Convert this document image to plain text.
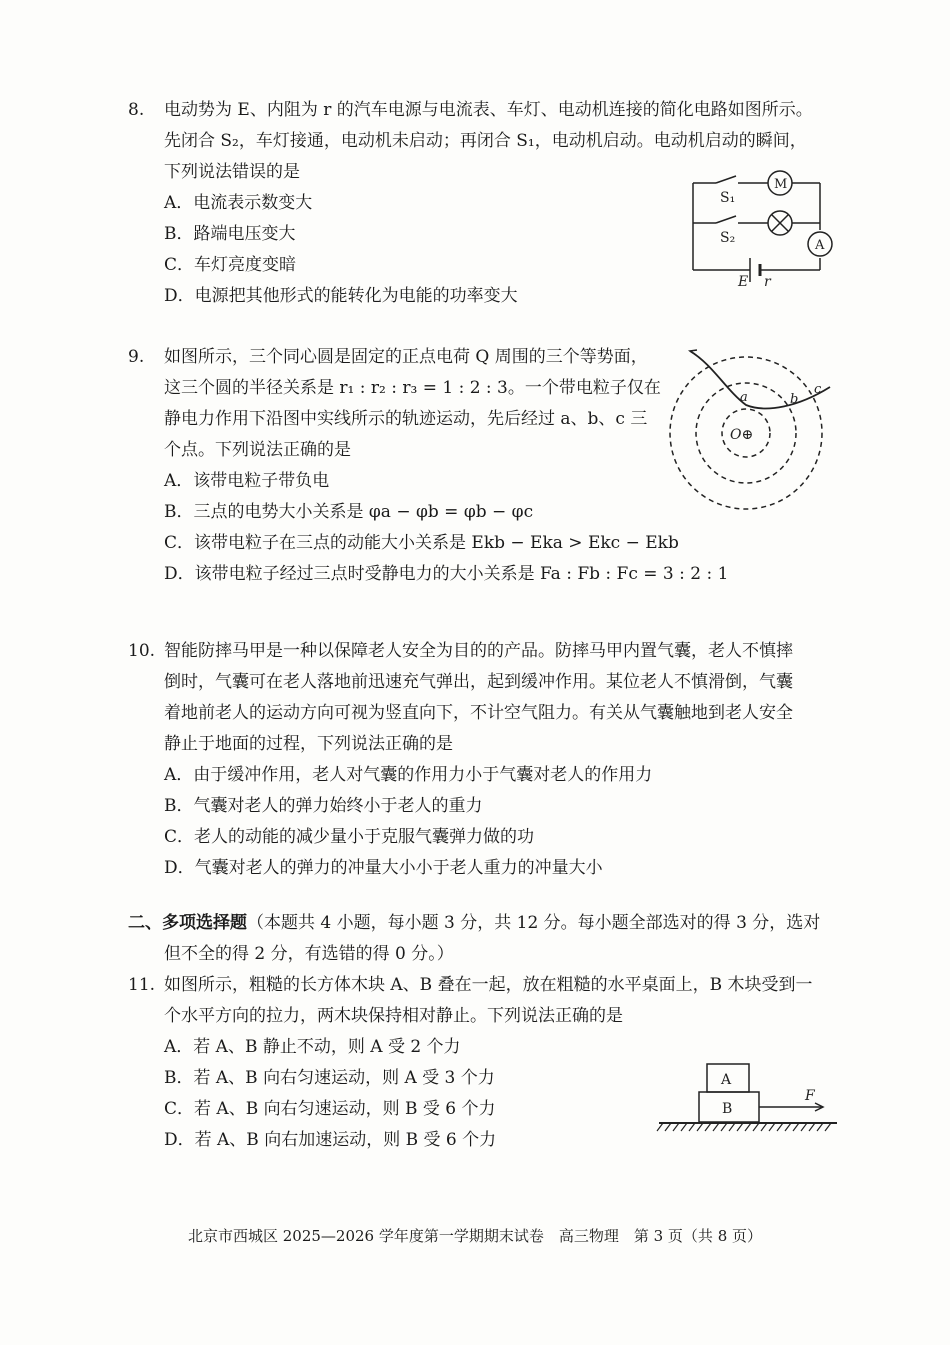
8. 电动势为 E、内阻为 r 的汽车电源与电流表、车灯、电动机连接的简化电路如图所示。
先闭合 S₂，车灯接通，电动机未启动；再闭合 S₁，电动机启动。电动机启动的瞬间，
下列说法错误的是
A．电流表示数变大
B．路端电压变大
C．车灯亮度变暗
D．电源把其他形式的能转化为电能的功率变大
S₁
S₂
M
A
E r
9. 如图所示，三个同心圆是固定的正点电荷 Q 周围的三个等势面，
这三个圆的半径关系是 r₁ : r₂ : r₃ = 1 : 2 : 3。一个带电粒子仅在
静电力作用下沿图中实线所示的轨迹运动，先后经过 a、b、c 三
个点。下列说法正确的是
A．该带电粒子带负电
B．三点的电势大小关系是 φa − φb = φb − φc
C．该带电粒子在三点的动能大小关系是 Ekb − Eka > Ekc − Ekb
D．该带电粒子经过三点时受静电力的大小关系是 Fa : Fb : Fc = 3 : 2 : 1
a	b
c
O⊕
10. 智能防摔马甲是一种以保障老人安全为目的的产品。防摔马甲内置气囊，老人不慎摔
倒时，气囊可在老人落地前迅速充气弹出，起到缓冲作用。某位老人不慎滑倒，气囊
着地前老人的运动方向可视为竖直向下，不计空气阻力。有关从气囊触地到老人安全
静止于地面的过程，下列说法正确的是
A．由于缓冲作用，老人对气囊的作用力小于气囊对老人的作用力
B．气囊对老人的弹力始终小于老人的重力
C．老人的动能的减少量小于克服气囊弹力做的功
D．气囊对老人的弹力的冲量大小小于老人重力的冲量大小
二、多项选择题（本题共 4 小题，每小题 3 分，共 12 分。每小题全部选对的得 3 分，选对
但不全的得 2 分，有选错的得 0 分。）
11. 如图所示，粗糙的长方体木块 A、B 叠在一起，放在粗糙的水平桌面上，B 木块受到一
个水平方向的拉力，两木块保持相对静止。下列说法正确的是
A．若 A、B 静止不动，则 A 受 2 个力
B．若 A、B 向右匀速运动，则 A 受 3 个力
C．若 A、B 向右匀速运动，则 B 受 6 个力
D．若 A、B 向右加速运动，则 B 受 6 个力
A
B
F
北京市西城区 2025—2026 学年度第一学期期末试卷　高三物理　第 3 页（共 8 页）
